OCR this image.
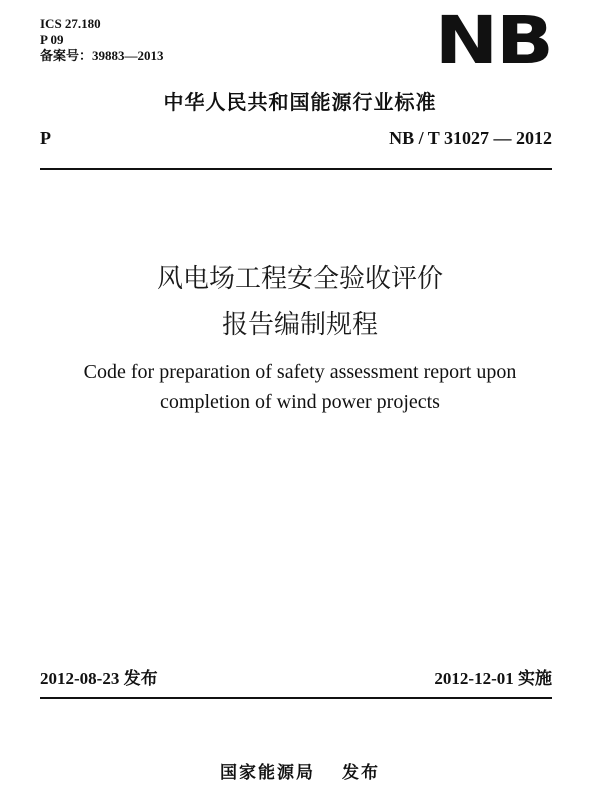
ICS 27.180
P 09
备案号：39883—2013	NB
中华人民共和国能源行业标准
P	NB / T 31027 — 2012
风电场工程安全验收评价
报告编制规程
Code for preparation of safety assessment report upon
completion of wind power projects
2012-08-23 发布	2012-12-01 实施
国家能源局　 发布
